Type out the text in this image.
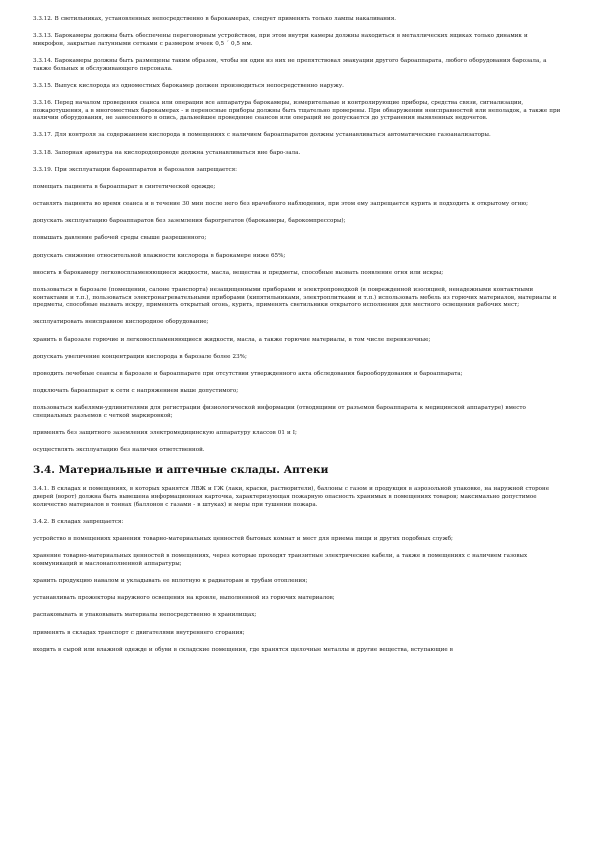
3.3.12. В светильниках, установленных непосредственно в барокамерах, следует применять только лампы накаливания.

3.3.13. Барокамеры должны быть обеспечены переговорным устройством, при этом внутри камеры должны находиться в металлических ящиках только динамик и микрофон, закрытые латунными сетками с размером ячеек 0,5 ´ 0,5 мм.

3.3.14. Барокамеры должны быть размещены таким образом, чтобы ни один из них не препятствовал эвакуации другого бароаппарата, любого оборудования барозала, а также больных и обслуживающего персонала.

3.3.15. Выпуск кислорода из одноместных барокамер должен производиться непосредственно наружу.

3.3.16. Перед началом проведения сеанса или операции все аппаратура барокамеры, измерительные и контролирующие приборы, средства связи, сигнализации, пожаротушения, а в многоместных барокамерах - и переносные приборы должны быть тщательно проверены. При обнаружении неисправностей или неполадок, а также при наличии оборудования, не занесенного в опись, дальнейшее проведение сеансов или операций не допускается до устранения выявленных недочетов.

3.3.17. Для контроля за содержанием кислорода в помещениях с наличием бароаппаратов должны устанавливаться автоматические газоанализаторы.

3.3.18. Запорная арматура на кислородопроводе должна устанавливаться вне баро-зала.

3.3.19. При эксплуатации бароаппаратов и барозалов запрещается:

помещать пациента в бароаппарат в синтетической одежде;

оставлять пациента во время сеанса и в течение 30 мин после него без врачебного наблюдения, при этом ему запрещается курить и подходить к открытому огню;

допускать эксплуатацию бароаппаратов без заземления барогрегатов (барокамеры, барокомпрессоры);

повышать давление рабочей среды свыше разрешенного;

допускать снижение относительной влажности кислорода в барокамере ниже 65%;

вносить в барокамеру легковоспламеняющиеся жидкости, масла, вещества и предметы, способные вызвать появление огня или искры;

пользоваться в барозале (помещении, салоне транспорта) незащищенными приборами и электропроводкой (в поврежденной изоляцией, ненадежными контактными контактами и т.п.), пользоваться электронагревательными приборами (кипятильниками, электроплитками и т.п.) использовать мебель из горючих материалов, материалы и предметы, способные вызвать искру, применять открытый огонь, курить, применять светильники открытого исполнения для местного освещения рабочих мест;

эксплуатировать неисправное кислородное оборудование;

хранить в барозале горючие и легковоспламеняющиеся жидкости, масла, а также горючие материалы, в том числе перевязочные;

допускать увеличение концентрации кислорода в барозале более 23%;

проводить лечебные сеансы в барозале и бароаппарате при отсутствии утвержденного акта обследования барооборудования и бароаппарата;

подключать бароаппарат к сети с напряжением выше допустимого;

пользоваться кабелями-удлинителями для регистрации физиологической информации (отводящими от разъемов бароаппарата к медицинской аппаратуре) вместо специальных разъемов с четкой маркировкой;

применять без защитного заземления электромедицинскую аппаратуру классов 01 и I;

осуществлять эксплуатацию без наличия ответственной.

3.4. Материальные и аптечные склады. Аптеки

3.4.1. В складах и помещениях, в которых хранятся ЛВЖ и ГЖ (лаки, краски, растворители), баллоны с газом и продукция в аэрозольной упаковке, на наружной стороне дверей (ворот) должна быть вывешена информационная карточка, характеризующая пожарную опасность хранимых в помещениях товаров; максимально допустимое количество материалов в тоннах (баллонов с газами - в штуках) и меры при тушении пожара.

3.4.2. В складах запрещается:

устройство в помещениях хранения товарно-материальных ценностей бытовых комнат и мест для приема пищи и других подобных служб;

хранение товарно-материальных ценностей в помещениях, через которые проходят транзитные электрические кабели, а также в помещениях с наличием газовых коммуникаций и маслонаполненной аппаратуры;

хранить продукцию навалом и укладывать ее вплотную к радиаторам и трубам отопления;

устанавливать прожекторы наружного освещения на кровле, выполненной из горючих материалов;

распаковывать и упаковывать материалы непосредственно в хранилищах;

применять в складах транспорт с двигателями внутреннего сгорания;

входить в сырой или влажной одежде и обуви в складские помещения, где хранятся щелочные металлы и другие вещества, вступающие в
